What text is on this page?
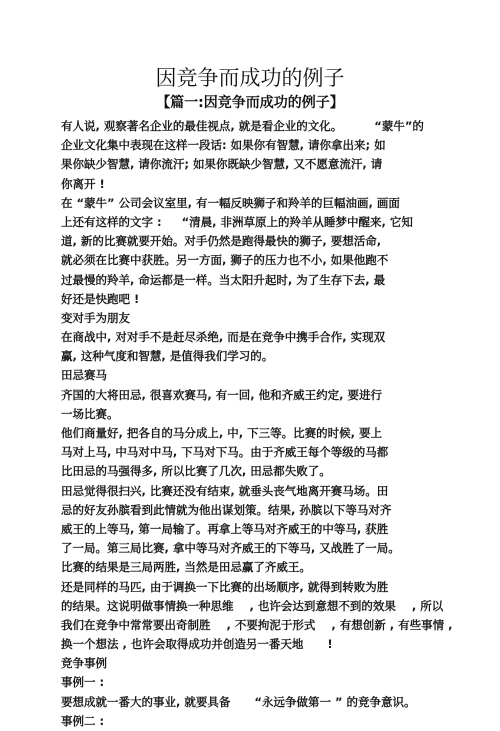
因竞争而成功的例子
【篇一:因竞争而成功的例子】
有人说, 观察著名企业的最佳视点, 就是看企业的文化。        “蒙牛”的
企业文化集中表现在这样一段话: 如果你有智慧, 请你拿出来; 如
果你缺少智慧, 请你流汗; 如果你既缺少智慧, 又不愿意流汗, 请
你离开 !
在 “蒙牛” 公司会议室里, 有一幅反映狮子和羚羊的巨幅油画, 画面
上还有这样的文字 :     “清晨, 非洲草原上的羚羊从睡梦中醒来, 它知
道, 新的比赛就要开始。对手仍然是跑得最快的狮子, 要想活命,
就必须在比赛中获胜。另一方面, 狮子的压力也不小, 如果他跑不
过最慢的羚羊, 命运都是一样。当太阳升起时, 为了生存下去, 最
好还是快跑吧 !
变对手为朋友
在商战中, 对对手不是赶尽杀绝, 而是在竞争中携手合作, 实现双
赢, 这种气度和智慧, 是值得我们学习的。
田忌赛马
齐国的大将田忌, 很喜欢赛马, 有一回, 他和齐威王约定, 要进行
一场比赛。
他们商量好, 把各自的马分成上, 中, 下三等。比赛的时候, 要上
马对上马, 中马对中马, 下马对下马。由于齐威王每个等级的马都
比田忌的马强得多, 所以比赛了几次, 田忌都失败了。
田忌觉得很扫兴, 比赛还没有结束, 就垂头丧气地离开赛马场。田
忌的好友孙膑看到此情就为他出谋划策。结果, 孙膑以下等马对齐
威王的上等马, 第一局输了。再拿上等马对齐威王的中等马, 获胜
了一局。第三局比赛, 拿中等马对齐威王的下等马, 又战胜了一局。
比赛的结果是三局两胜, 当然是田忌赢了齐威王。
还是同样的马匹, 由于调换一下比赛的出场顺序, 就得到转败为胜
的结果。这说明做事情换一种思维    , 也许会达到意想不到的效果    , 所以
我们在竞争中常常要出奇制胜    , 不要拘泥于形式    , 有想创新 , 有些事情 ,
换一个想法 , 也许会取得成功并创造另一番天地      !
竞争事例
事例一 :
要想成就一番大的事业, 就要具备      “永远争做第一 ” 的竞争意识。
事例二 :
